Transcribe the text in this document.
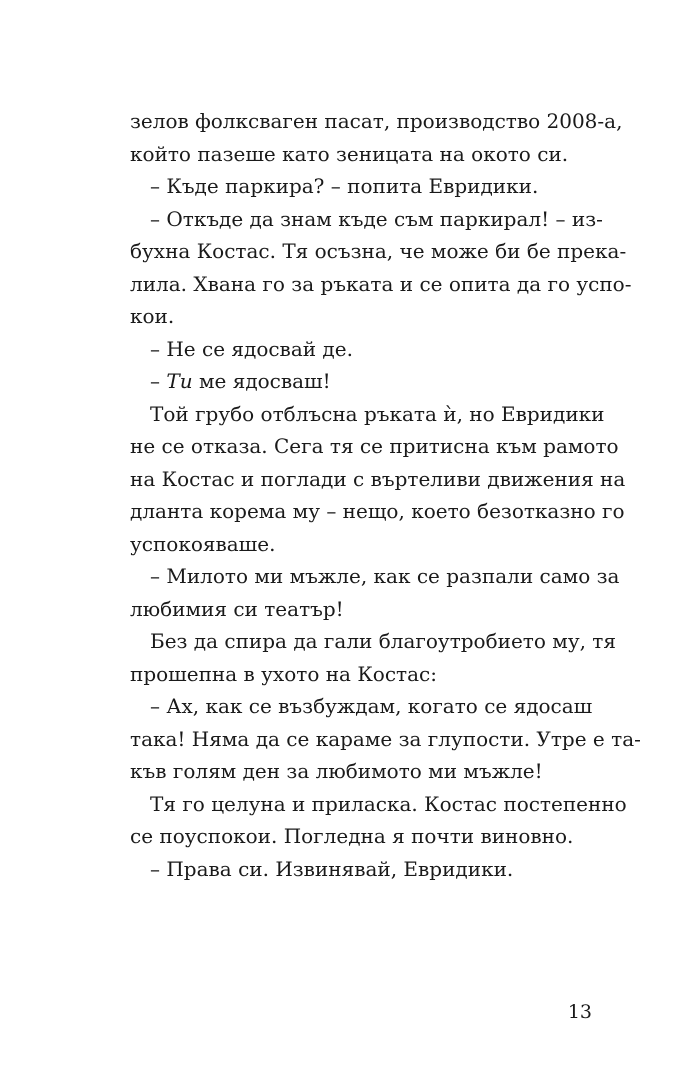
зелов фолксваген пасат, производство 2008-а,
който пазеше като зеницата на окото си.
– Къде паркира? – попита Евридики.
– Откъде да знам къде съм паркирал! – из-
бухна Костас. Тя осъзна, че може би бе прека-
лила. Хвана го за ръката и се опита да го успо-
кои.
– Не се ядосвай де.
– Ти ме ядосваш!
Той грубо отблъсна ръката ѝ, но Евридики
не се отказа. Сега тя се притисна към рамото
на Костас и поглади с въртеливи движения на
дланта корема му – нещо, което безотказно го
успокояваше.
– Милото ми мъжле, как се разпали само за
любимия си театър!
Без да спира да гали благоутробието му, тя
прошепна в ухото на Костас:
– Ах, как се възбуждам, когато се ядосаш
така! Няма да се караме за глупости. Утре е та-
къв голям ден за любимото ми мъжле!
Тя го целуна и приласка. Костас постепенно
се поуспокои. Погледна я почти виновно.
– Права си. Извинявай, Евридики.
13
